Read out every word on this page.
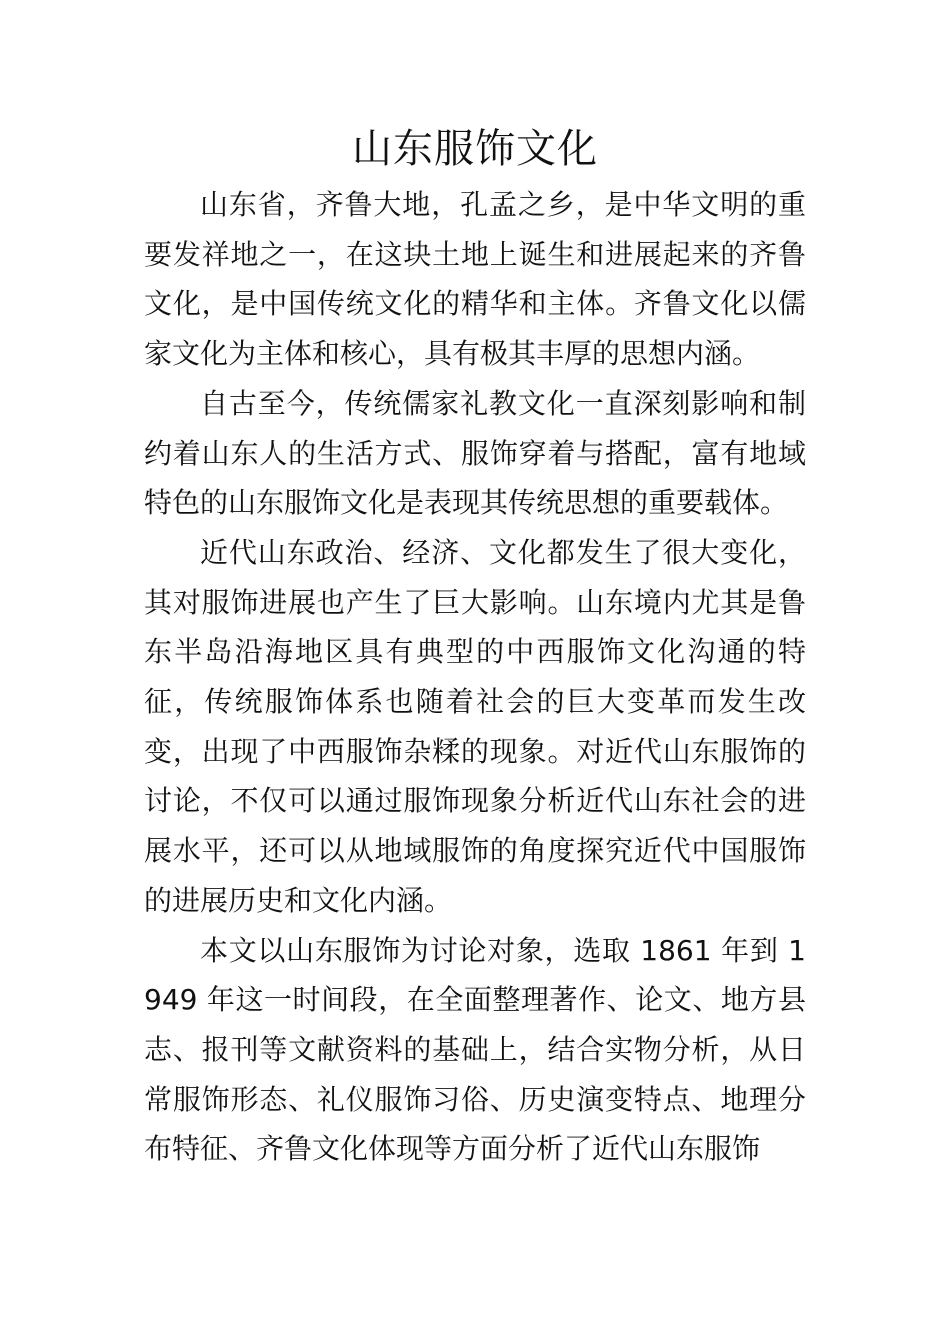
山东服饰文化

山东省，齐鲁大地，孔孟之乡，是中华文明的重要发祥地之一，在这块土地上诞生和进展起来的齐鲁文化，是中国传统文化的精华和主体。齐鲁文化以儒家文化为主体和核心，具有极其丰厚的思想内涵。

自古至今，传统儒家礼教文化一直深刻影响和制约着山东人的生活方式、服饰穿着与搭配，富有地域特色的山东服饰文化是表现其传统思想的重要载体。

近代山东政治、经济、文化都发生了很大变化，其对服饰进展也产生了巨大影响。山东境内尤其是鲁东半岛沿海地区具有典型的中西服饰文化沟通的特征，传统服饰体系也随着社会的巨大变革而发生改变，出现了中西服饰杂糅的现象。对近代山东服饰的讨论，不仅可以通过服饰现象分析近代山东社会的进展水平，还可以从地域服饰的角度探究近代中国服饰的进展历史和文化内涵。

本文以山东服饰为讨论对象，选取 1861 年到 1949 年这一时间段，在全面整理著作、论文、地方县志、报刊等文献资料的基础上，结合实物分析，从日常服饰形态、礼仪服饰习俗、历史演变特点、地理分布特征、齐鲁文化体现等方面分析了近代山东服饰
